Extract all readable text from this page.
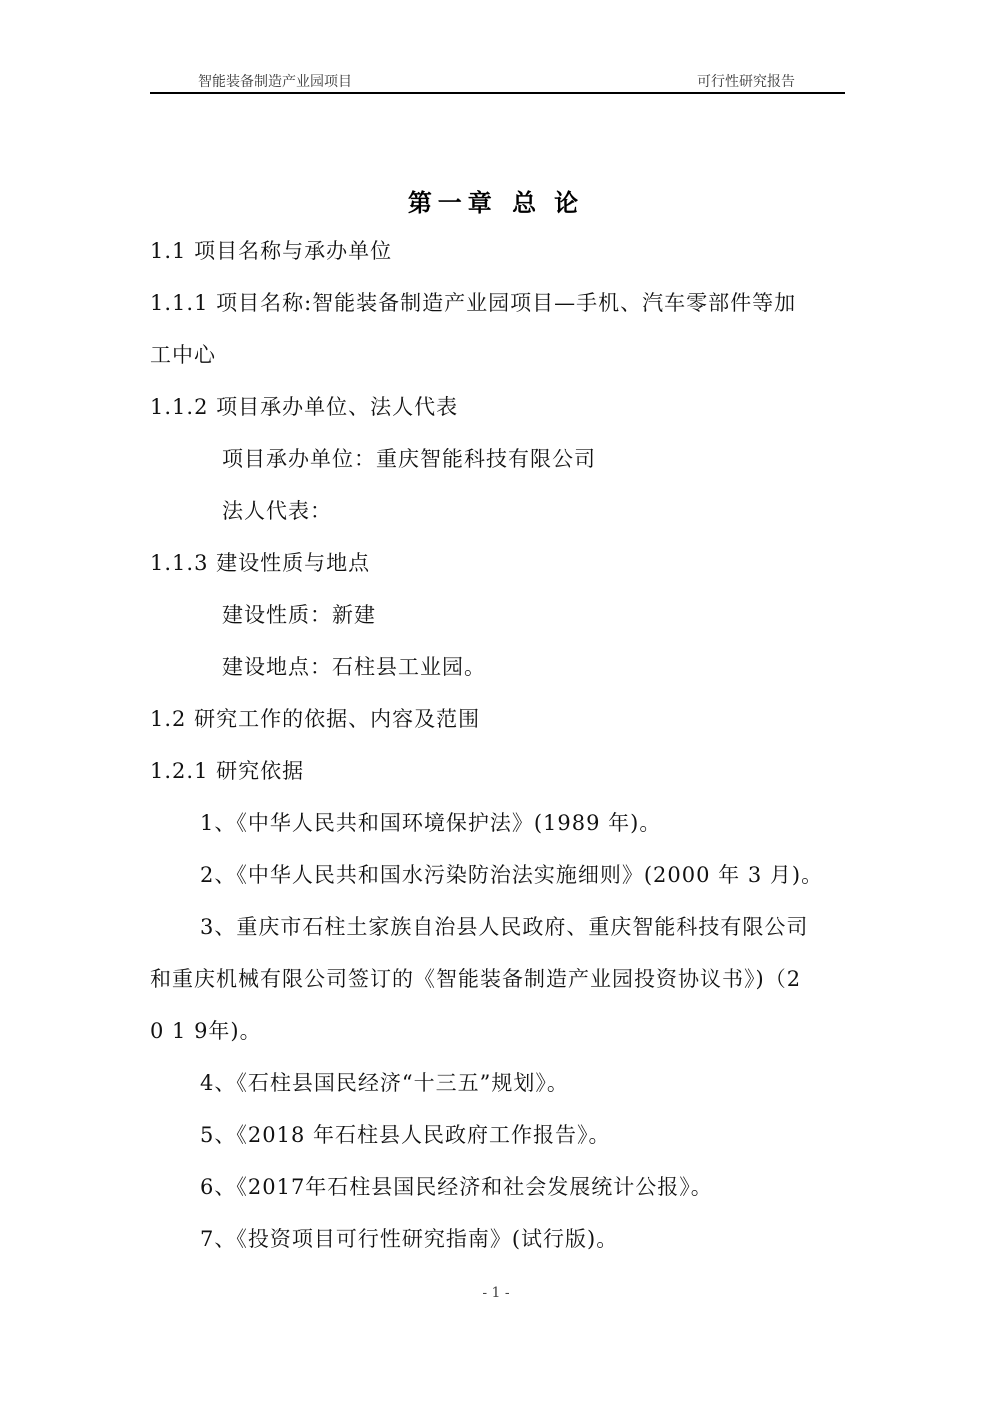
智能装备制造产业园项目	可行性研究报告
第一章 总 论
1.1 项目名称与承办单位
1.1.1 项目名称:智能装备制造产业园项目—手机、汽车零部件等加
工中心
1.1.2 项目承办单位、法人代表
项目承办单位：重庆智能科技有限公司
法人代表：
1.1.3 建设性质与地点
建设性质：新建
建设地点：石柱县工业园。
1.2 研究工作的依据、内容及范围
1.2.1 研究依据
1、《中华人民共和国环境保护法》(1989 年)。
2、《中华人民共和国水污染防治法实施细则》(2000 年 3 月)。
3、重庆市石柱土家族自治县人民政府、重庆智能科技有限公司
和重庆机械有限公司签订的《智能装备制造产业园投资协议书》)（2
0 1 9年)。
4、《石柱县国民经济“十三五”规划》。
5、《2018 年石柱县人民政府工作报告》。
6、《2017年石柱县国民经济和社会发展统计公报》。
7、《投资项目可行性研究指南》(试行版)。
- 1 -
